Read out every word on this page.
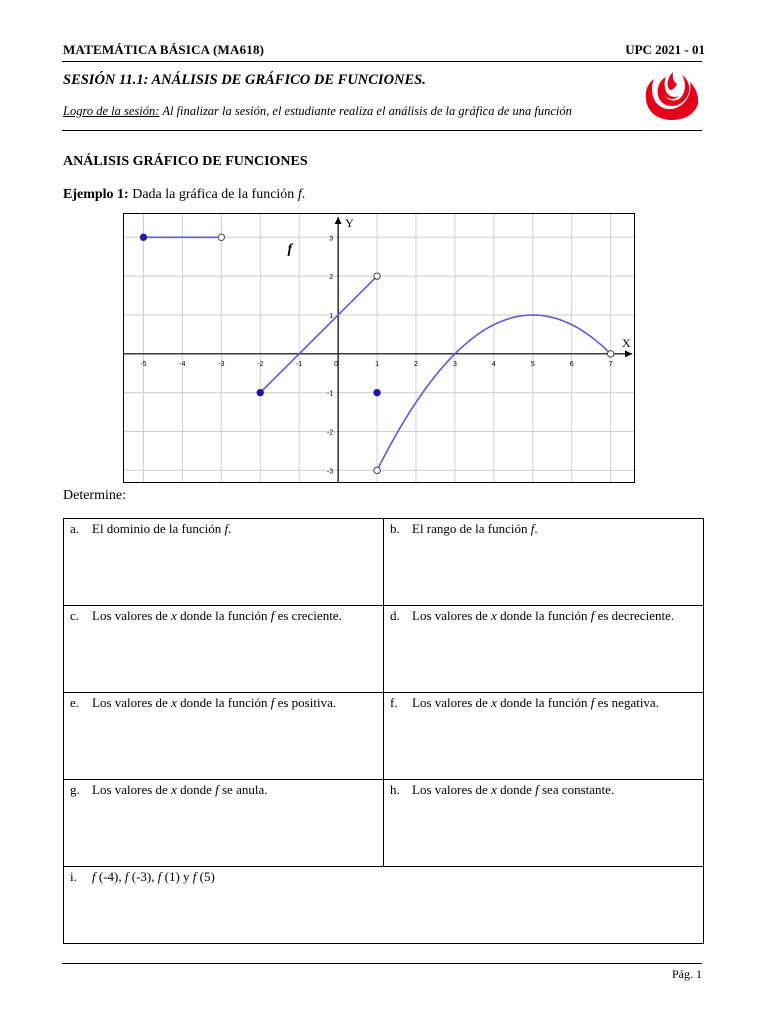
MATEMÁTICA BÁSICA (MA618)	UPC 2021 - 01
SESIÓN 11.1: ANÁLISIS DE GRÁFICO DE FUNCIONES.
Logro de la sesión: Al finalizar la sesión, el estudiante realiza el análisis de la gráfica de una función
ANÁLISIS GRÁFICO DE FUNCIONES
Ejemplo 1: Dada la gráfica de la función f.
X
Y
-5	-4	-3	-2	-1	0	1	2	3	4	5	6	7
-3
-2
-1
1
2
3
f
Determine:
a. El dominio de la función f.	b. El rango de la función f.

c. Los valores de x donde la función f es creciente.	d. Los valores de x donde la función f es decreciente.

e. Los valores de x donde la función f es positiva.	f. Los valores de x donde la función f es negativa.

g. Los valores de x donde f se anula.	h. Los valores de x donde f sea constante.

i. f (-4), f (-3), f (1) y f (5)	
Pág. 1
